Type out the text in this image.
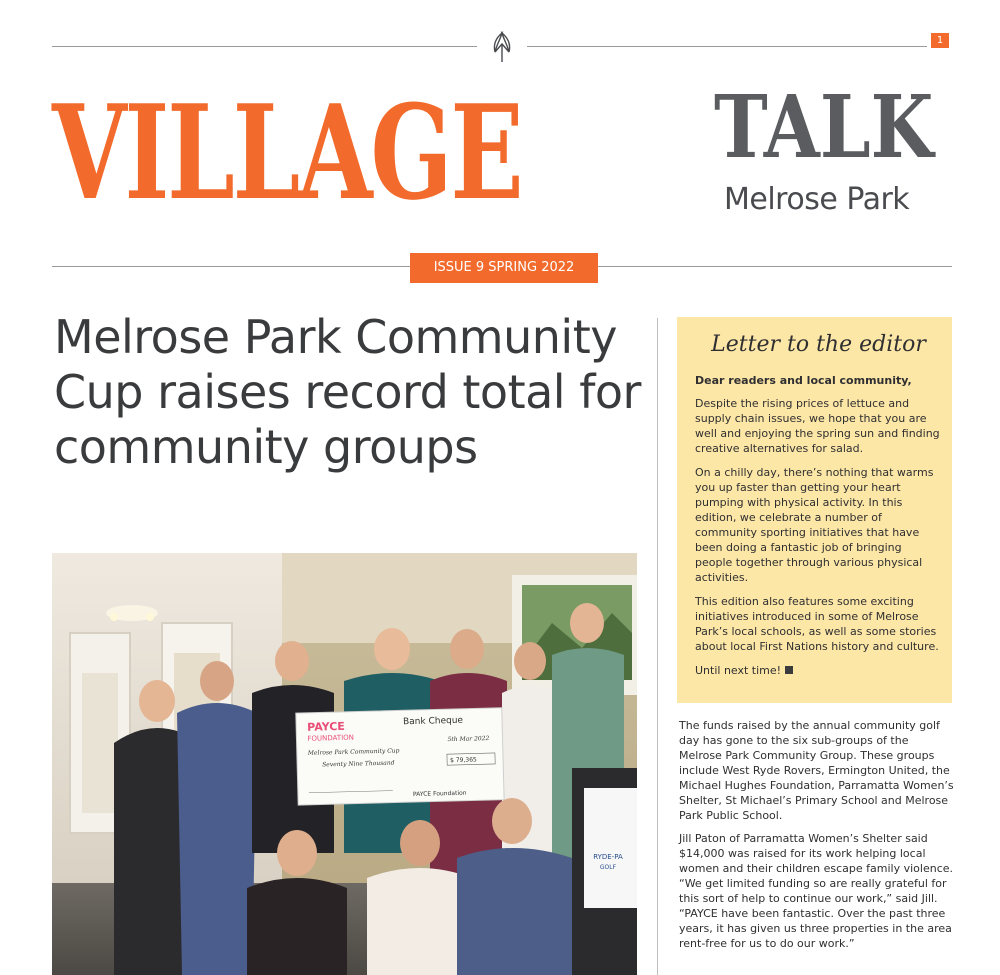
1
VILLAGE TALK
Melrose Park
ISSUE 9 SPRING 2022
Melrose Park Community Cup raises record total for community groups
RYDE-PA
GOLF
PAYCE
FOUNDATION
Bank Cheque
5th Mar 2022
Melrose Park Community Cup
Seventy Nine Thousand	$ 79,365
PAYCE Foundation
Letter to the editor
Dear readers and local community,

Despite the rising prices of lettuce and supply chain issues, we hope that you are well and enjoying the spring sun and finding creative alternatives for salad.

On a chilly day, there’s nothing that warms you up faster than getting your heart pumping with physical activity. In this edition, we celebrate a number of community sporting initiatives that have been doing a fantastic job of bringing people together through various physical activities.

This edition also features some exciting initiatives introduced in some of Melrose Park’s local schools, as well as some stories about local First Nations history and culture.

Until next time!

The funds raised by the annual community golf day has gone to the six sub-groups of the Melrose Park Community Group. These groups include West Ryde Rovers, Ermington United, the Michael Hughes Foundation, Parramatta Women’s Shelter, St Michael’s Primary School and Melrose Park Public School.

Jill Paton of Parramatta Women’s Shelter said $14,000 was raised for its work helping local women and their children escape family violence. “We get limited funding so are really grateful for this sort of help to continue our work,” said Jill. “PAYCE have been fantastic. Over the past three years, it has given us three properties in the area rent-free for us to do our work.”
